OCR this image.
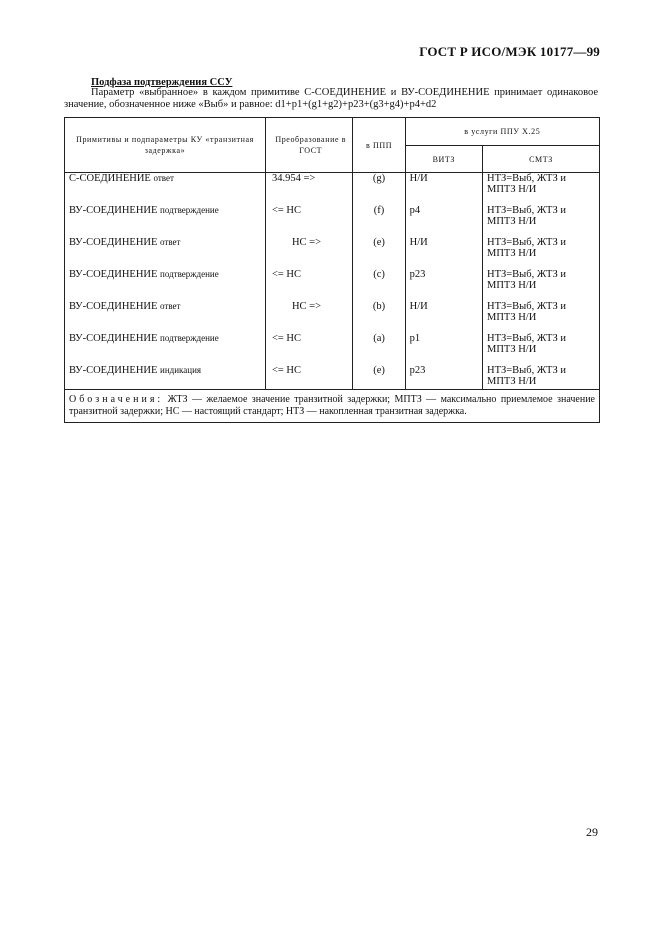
ГОСТ Р ИСО/МЭК 10177—99
Подфаза подтверждения ССУ
Параметр «выбранное» в каждом примитиве С-СОЕДИНЕНИЕ и ВУ-СОЕДИНЕНИЕ принимает одинаковое значение, обозначенное ниже «Выб» и равное: d1+p1+(g1+g2)+p23+(g3+g4)+p4+d2
Примитивы и подпараметры КУ «транзитная задержка»	Преобразование в ГОСТ	в ППП	в услуги ППУ X.25	
			ВИТЗ	СМТЗ
С-СОЕДИНЕНИЕ ответ	34.954 =>	(g)	Н/И	НТЗ=Выб, ЖТЗ и
МПТЗ Н/И

ВУ-СОЕДИНЕНИЕ подтверждение	<= НС	(f)	p4	НТЗ=Выб, ЖТЗ и
МПТЗ Н/И

ВУ-СОЕДИНЕНИЕ ответ	НС =>	(e)	Н/И	НТЗ=Выб, ЖТЗ и
МПТЗ Н/И

ВУ-СОЕДИНЕНИЕ подтверждение	<= НС	(c)	p23	НТЗ=Выб, ЖТЗ и
МПТЗ Н/И

ВУ-СОЕДИНЕНИЕ ответ	НС =>	(b)	Н/И	НТЗ=Выб, ЖТЗ и
МПТЗ Н/И

ВУ-СОЕДИНЕНИЕ подтверждение	<= НС	(a)	p1	НТЗ=Выб, ЖТЗ и
МПТЗ Н/И

ВУ-СОЕДИНЕНИЕ индикация	<= НС	(e)	p23	НТЗ=Выб, ЖТЗ и
МПТЗ Н/И

Обозначения: ЖТЗ — желаемое значение транзитной задержки; МПТЗ — максимально приемлемое значение транзитной задержки; НС — настоящий стандарт; НТЗ — накопленная транзитная задержка.				
29
